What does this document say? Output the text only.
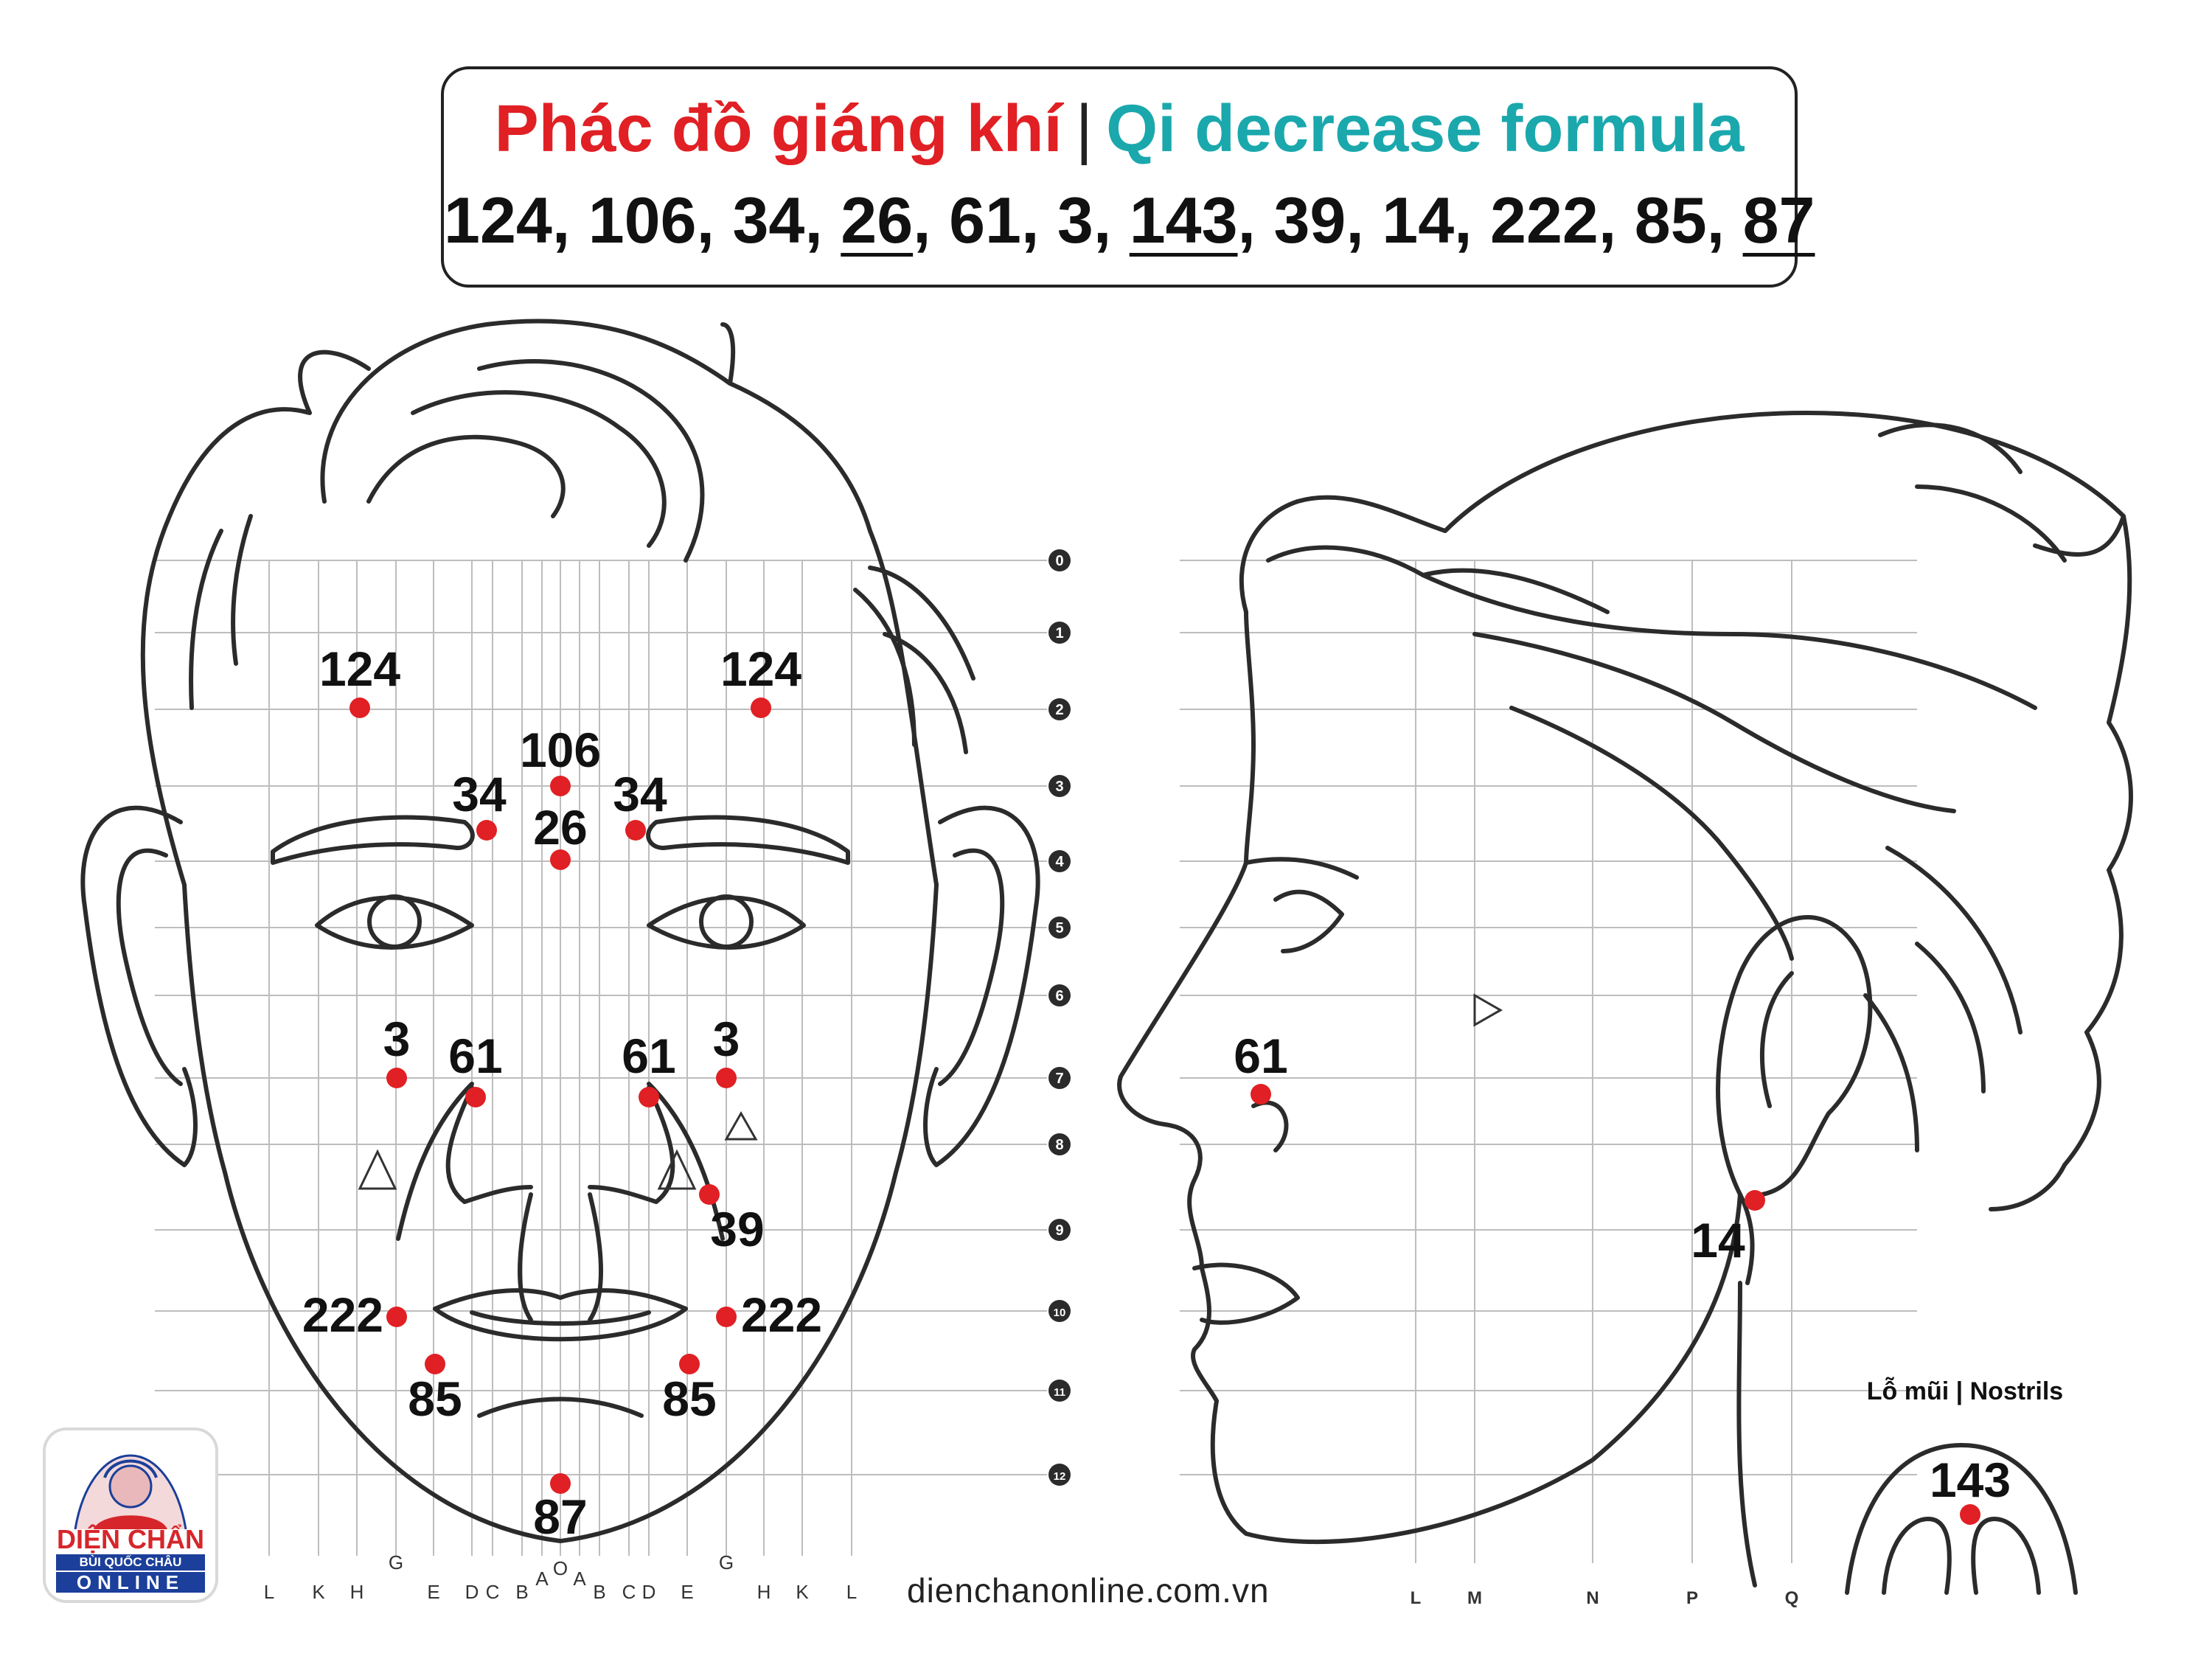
Phác đồ giáng khí | Qi decrease formula
124, 106, 34, 26, 61, 3, 143, 39, 14, 222, 85, 87
0
1
2
3
4
5
6
7
8
9
10
11
12
L K H
G
E D C B
A O A
B C D E
G
H K L	L	M	N	P	Q
124	124
106
34 34
26
3 61 61 3
39
222	222
85	85
87
61
14
Lỗ mũi | Nostrils
143
dienchanonline.com.vn
DIỆN CHẨN
BÙI QUỐC CHÂU
ONLINE
